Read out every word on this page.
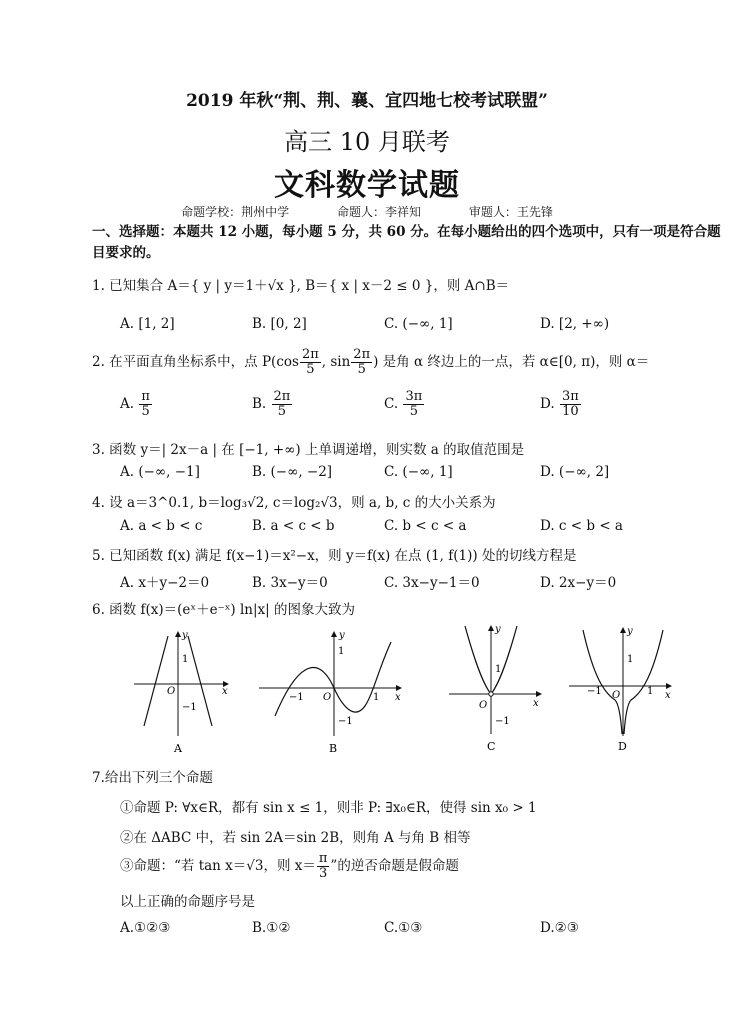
2019 年秋“荆、荆、襄、宜四地七校考试联盟”
高三 10 月联考
文科数学试题
命题学校：荆州中学	命题人：李祥知	审题人：王先锋
一、选择题：本题共 12 小题，每小题 5 分，共 60 分。在每小题给出的四个选项中，只有一项是符合题目要求的。
1. 已知集合 A＝{ y | y＝1＋√x }, B＝{ x | x－2 ≤ 0 }，则 A∩B＝
A. [1, 2]	B. [0, 2]	C. (−∞, 1]	D. [2, +∞)
2. 在平面直角坐标系中，点 $P(\cos \frac{2\pi}{5}$ , $\sin \frac{2\pi}{5}$ ) 是角 α 终边上的一点，若 α∈[0, π)，则 α＝
A. $\frac{\pi}{5}$	B. $\frac{2\pi}{5}$	C. $\frac{3\pi}{5}$	D. $\frac{3\pi}{10}$
3. 函数 y＝| 2x－a | 在 [−1, +∞) 上单调递增，则实数 a 的取值范围是
A. (−∞, −1]	B. (−∞, −2]	C. (−∞, 1]	D. (−∞, 2]
4. 设 a＝3^0.1, b＝log₃√2, c＝log₂√3，则 a, b, c 的大小关系为
A. a < b < c	B. a < c < b	C. b < c < a	D. c < b < a
5. 已知函数 f(x) 满足 f(x−1)＝x²−x，则 y＝f(x) 在点 (1, f(1)) 处的切线方程是
A. x＋y−2＝0	B. 3x−y＝0	C. 3x−y−1＝0	D. 2x−y＝0
6. 函数 f(x)＝(eˣ＋e⁻ˣ) ln|x| 的图象大致为
x
y
O
1
−1
A
x
y
O
−1	1
1
−1
B
x
y
O
1
−1
C
x
y
O
−1	1
1
D
7.给出下列三个命题
①命题 P: ∀x∈R，都有 sin x ≤ 1，则非 P: ∃x₀∈R，使得 sin x₀ > 1
②在 ΔABC 中，若 sin 2A＝sin 2B，则角 A 与角 B 相等
③命题：“若 tan x＝√3，则 $x= \frac{\pi}{3}$ ”的逆否命题是假命题
以上正确的命题序号是
A.①②③	B.①②	C.①③	D.②③
